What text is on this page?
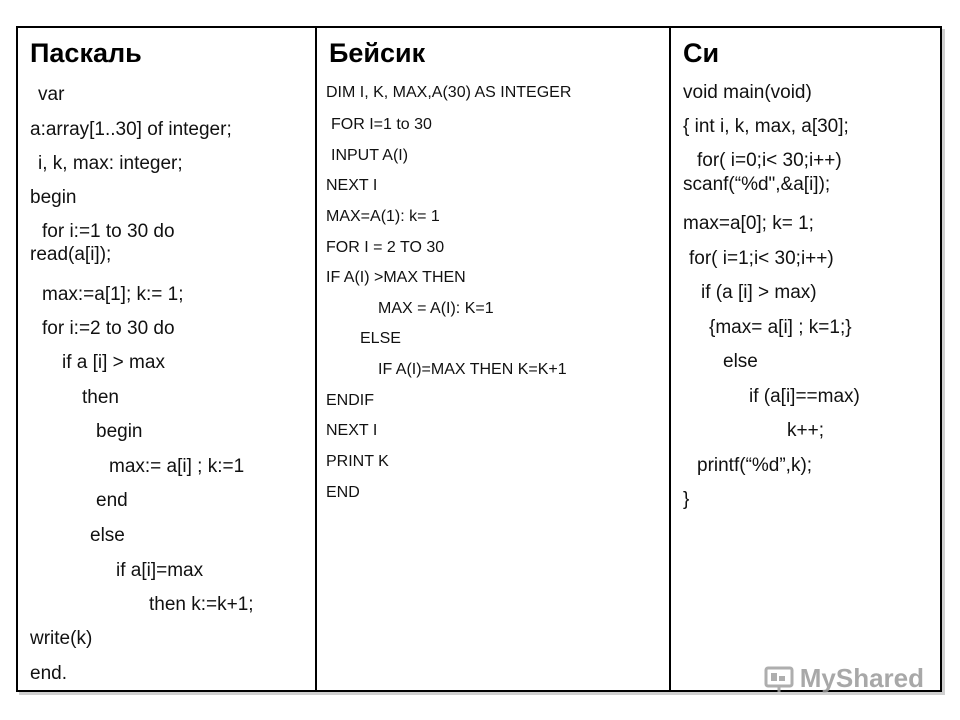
Паскаль
var
a:array[1..30] of integer;
i, k, max: integer;
begin
for i:=1 to 30 do
read(a[i]);
max:=a[1]; k:= 1;
for i:=2 to 30 do
if a [i] > max
then
begin
max:= a[i] ; k:=1
end
else
if a[i]=max
then k:=k+1;
write(k)
end.
Бейсик
DIM I, K, MAX,A(30) AS INTEGER
FOR I=1 to 30
INPUT A(I)
NEXT I
MAX=A(1): k= 1
FOR I = 2 TO 30
IF A(I) >MAX THEN
MAX = A(I): K=1
ELSE
IF A(I)=MAX THEN K=K+1
ENDIF
NEXT I
PRINT K
END
Си
void main(void)
{ int i, k, max, a[30];
for( i=0;i< 30;i++)
scanf(“%d",&a[i]);
max=a[0]; k= 1;
for( i=1;i< 30;i++)
if (a [i] > max)
{max= a[i] ; k=1;}
else
if (a[i]==max)
k++;
printf(“%d”,k);
}
MyShared
